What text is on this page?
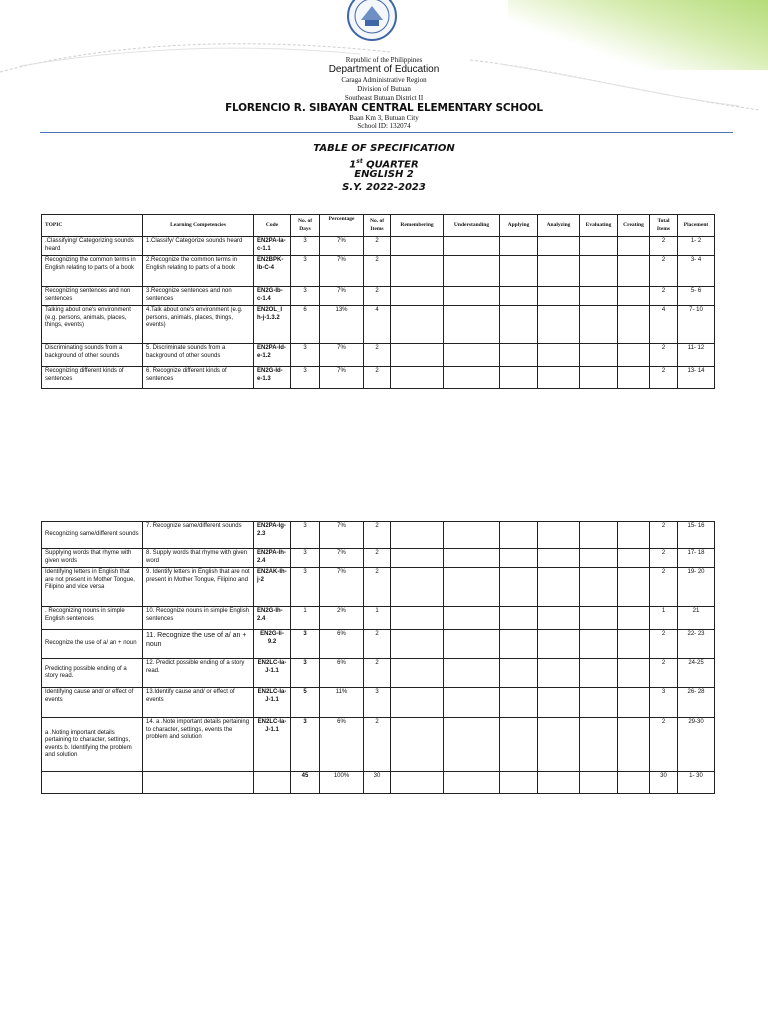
Republic of the Philippines
Department of Education
Caraga Administrative Region
Division of Butuan
Southeast Butuan District II
FLORENCIO R. SIBAYAN CENTRAL ELEMENTARY SCHOOL
Baan Km 3, Butuan City
School ID: 132074
TABLE OF SPECIFICATION
1st QUARTER
ENGLISH 2
S.Y. 2022-2023
TOPIC	Learning Competencies	Code	No. of Days	Percentage	No. of Items	Remembering	Understanding	Applying	Analyzing	Evaluating	Creating	Total Items	Placement
.Classifying/ Categorizing sounds heard	1.Classify/ Categorize sounds heard	EN2PA-Ia-c-1.1	3	7%	2							2	1- 2
Recognizing the common terms in English relating to parts of a book	2.Recognize the common terms in English relating to parts of a book	EN2BPK-Ib-C-4	3	7%	2							2	3- 4
Recognizing sentences and non sentences	3.Recognize sentences and non sentences	EN2G-Ib-c-1.4	3	7%	2							2	5- 6
Talking about one's environment (e.g. persons, animals, places, things, events)	4.Talk about one's environment (e.g. persons, animals, places, things, events)	EN2OL_I h-j-1.3.2	6	13%	4							4	7- 10
Discriminating sounds from a background of other sounds	5. Discriminate sounds from a background of other sounds	EN2PA-Id-e-1.2	3	7%	2							2	11- 12
Recognizing different kinds of sentences	6. Recognize different kinds of sentences	EN2G-Id-e-1.3	3	7%	2							2	13- 14
Recognizing same/different sounds	7. Recognize same/different sounds	EN2PA-Ig-2.3	3	7%	2							2	15- 16
Supplying words that rhyme with given words	8. Supply words that rhyme with given word	EN2PA-Ih-2.4	3	7%	2							2	17- 18
Identifying letters in English that are not present in Mother Tongue, Filipino and vice versa	9. Identify letters in English that are not present in Mother Tongue, Filipino and	EN2AK-Ih-j-2	3	7%	2							2	19- 20
. Recognizing nouns in simple English sentences	10. Recognize nouns in simple English sentences	EN2G-Ih-2.4	1	2%	1							1	21
Recognize the use of a/ an + noun	11. Recognize the use of a/ an + noun	EN2G-Ii-9.2	3	6%	2							2	22- 23
Predicting possible ending of a story read.	12. Predict possible ending of a story read.	EN2LC-Ia-J-1.1	3	6%	2							2	24-25
Identifying cause and/ or effect of events	13.Identify cause and/ or effect of events	EN2LC-Ia-J-1.1	5	11%	3							3	26- 28
a .Noting important details pertaining to character, settings, events b. Identifying the problem and solution	14. a .Note important details pertaining to character, settings, events the problem and solution	EN2LC-Ia-J-1.1	3	6%	2							2	29-30
			45	100%	30							30	1- 30
